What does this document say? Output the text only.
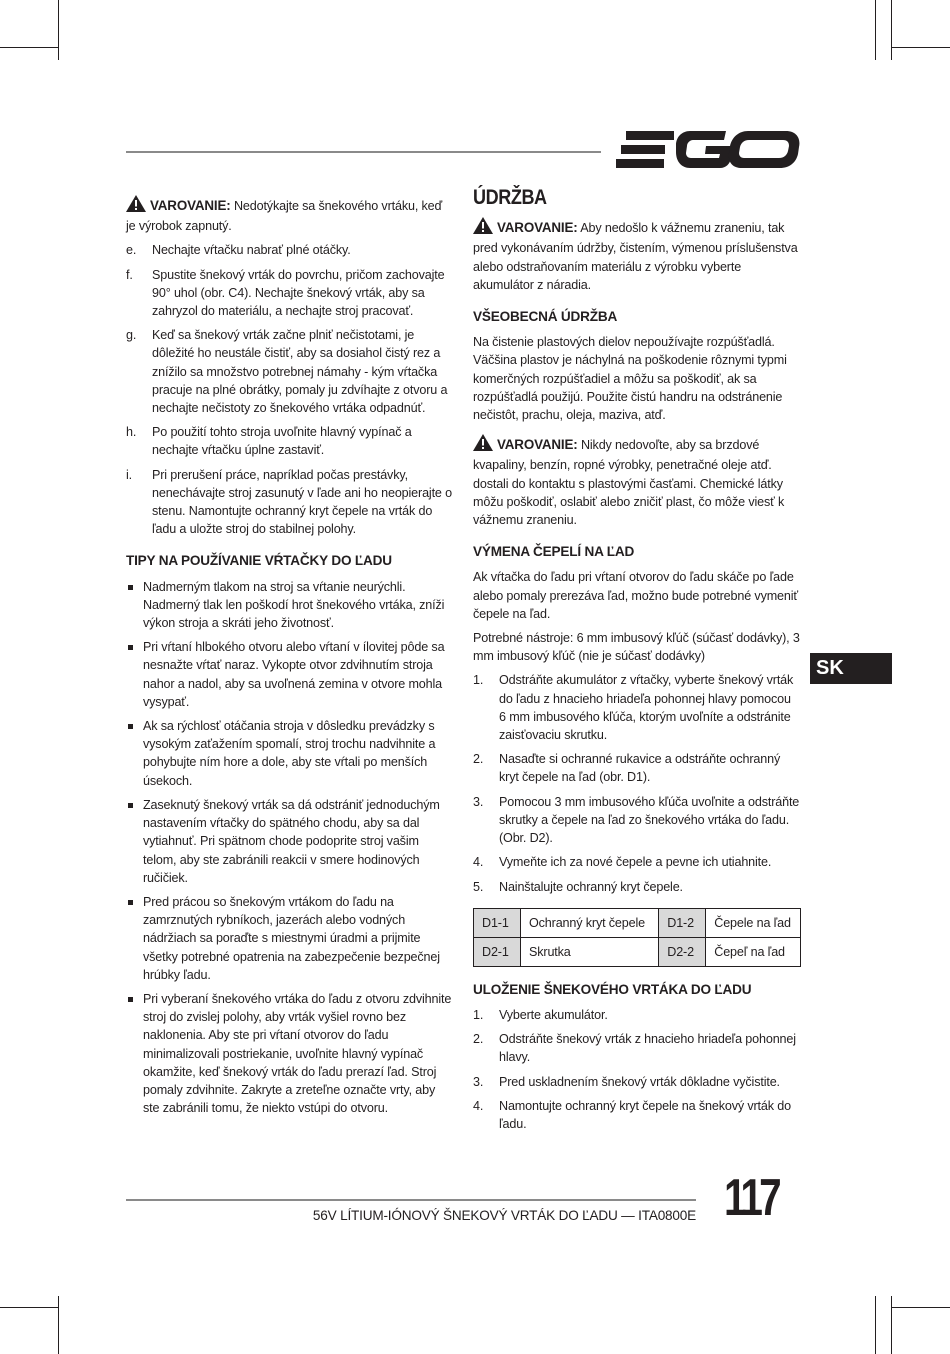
VAROVANIE: Nedotýkajte sa šnekového vrtáku, keď je výrobok zapnutý.

e. Nechajte vŕtačku nabrať plné otáčky.
f. Spustite šnekový vrták do povrchu, pričom zachovajte 90° uhol (obr. C4). Nechajte šnekový vrták, aby sa zahryzol do materiálu, a nechajte stroj pracovať.
g. Keď sa šnekový vrták začne plniť nečistotami, je dôležité ho neustále čistiť, aby sa dosiahol čistý rez a znížilo sa množstvo potrebnej námahy - kým vŕtačka pracuje na plné obrátky, pomaly ju zdvíhajte z otvoru a nechajte nečistoty zo šnekového vrtáka odpadnúť.
h. Po použití tohto stroja uvoľnite hlavný vypínač a nechajte vŕtačku úplne zastaviť.
i. Pri prerušení práce, napríklad počas prestávky, nenechávajte stroj zasunutý v ľade ani ho neopierajte o stenu. Namontujte ochranný kryt čepele na vrták do ľadu a uložte stroj do stabilnej polohy.
TIPY NA POUŽÍVANIE VŔTAČKY DO ĽADU
Nadmerným tlakom na stroj sa vŕtanie neurýchli. Nadmerný tlak len poškodí hrot šnekového vrtáka, zníži výkon stroja a skráti jeho životnosť.
Pri vŕtaní hlbokého otvoru alebo vŕtaní v ílovitej pôde sa nesnažte vŕtať naraz. Vykopte otvor zdvihnutím stroja nahor a nadol, aby sa uvoľnená zemina v otvore mohla vysypať.
Ak sa rýchlosť otáčania stroja v dôsledku prevádzky s vysokým zaťažením spomalí, stroj trochu nadvihnite a pohybujte ním hore a dole, aby ste vŕtali po menších úsekoch.
Zaseknutý šnekový vrták sa dá odstrániť jednoduchým nastavením vŕtačky do spätného chodu, aby sa dal vytiahnuť. Pri spätnom chode podoprite stroj vašim telom, aby ste zabránili reakcii v smere hodinových ručičiek.
Pred prácou so šnekovým vrtákom do ľadu na zamrznutých rybníkoch, jazerách alebo vodných nádržiach sa poraďte s miestnymi úradmi a prijmite všetky potrebné opatrenia na zabezpečenie bezpečnej hrúbky ľadu.
Pri vyberaní šnekového vrtáka do ľadu z otvoru zdvihnite stroj do zvislej polohy, aby vrták vyšiel rovno bez naklonenia. Aby ste pri vŕtaní otvorov do ľadu minimalizovali postriekanie, uvoľnite hlavný vypínač okamžite, keď šnekový vrták do ľadu prerazí ľad. Stroj pomaly zdvihnite. Zakryte a zreteľne označte vrty, aby ste zabránili tomu, že niekto vstúpi do otvoru.
ÚDRŽBA

VAROVANIE: Aby nedošlo k vážnemu zraneniu, tak pred vykonávaním údržby, čistením, výmenou príslušenstva alebo odstraňovaním materiálu z výrobku vyberte akumulátor z náradia.

VŠEOBECNÁ ÚDRŽBA

Na čistenie plastových dielov nepoužívajte rozpúšťadlá. Väčšina plastov je náchylná na poškodenie rôznymi typmi komerčných rozpúšťadiel a môžu sa poškodiť, ak sa rozpúšťadlá použijú. Použite čistú handru na odstránenie nečistôt, prachu, oleja, maziva, atď.

VAROVANIE: Nikdy nedovoľte, aby sa brzdové kvapaliny, benzín, ropné výrobky, penetračné oleje atď. dostali do kontaktu s plastovými časťami. Chemické látky môžu poškodiť, oslabiť alebo zničiť plast, čo môže viesť k vážnemu zraneniu.

VÝMENA ČEPELÍ NA ĽAD

Ak vŕtačka do ľadu pri vŕtaní otvorov do ľadu skáče po ľade alebo pomaly prerezáva ľad, možno bude potrebné vymeniť čepele na ľad.

Potrebné nástroje: 6 mm imbusový kľúč (súčasť dodávky), 3 mm imbusový kľúč (nie je súčasť dodávky)

1. Odstráňte akumulátor z vŕtačky, vyberte šnekový vrták do ľadu z hnacieho hriadeľa pohonnej hlavy pomocou 6 mm imbusového kľúča, ktorým uvoľníte a odstránite zaisťovaciu skrutku.
2. Nasaďte si ochranné rukavice a odstráňte ochranný kryt čepele na ľad (obr. D1).
3. Pomocou 3 mm imbusového kľúča uvoľnite a odstráňte skrutky a čepele na ľad zo šnekového vrtáka do ľadu. (Obr. D2).
4. Vymeňte ich za nové čepele a pevne ich utiahnite.
5. Nainštalujte ochranný kryt čepele.
D1-1	Ochranný kryt čepele	D1-2	Čepele na ľad
D2-1	Skrutka	D2-2	Čepeľ na ľad
ULOŽENIE ŠNEKOVÉHO VRTÁKA DO ĽADU
1. Vyberte akumulátor.
2. Odstráňte šnekový vrták z hnacieho hriadeľa pohonnej hlavy.
3. Pred uskladnením šnekový vrták dôkladne vyčistite.
4. Namontujte ochranný kryt čepele na šnekový vrták do ľadu.
SK
56V LÍTIUM-IÓNOVÝ ŠNEKOVÝ VRTÁK DO ĽADU — ITA0800E 117
